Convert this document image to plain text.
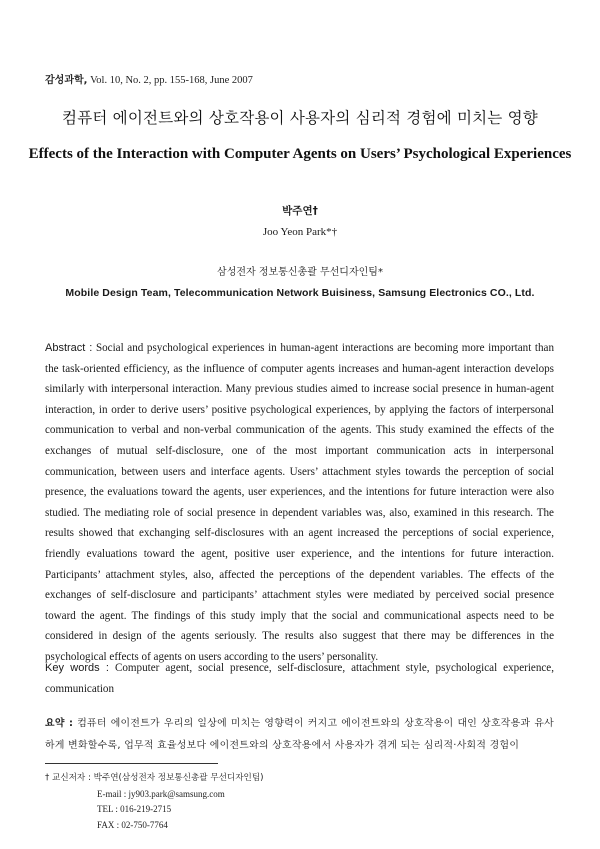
감성과학, Vol. 10, No. 2, pp. 155-168, June 2007
컴퓨터 에이전트와의 상호작용이 사용자의 심리적 경험에 미치는 영향
Effects of the Interaction with Computer Agents on Users’ Psychological Experiences
박주연†
Joo Yeon Park*†
삼성전자 정보통신총괄 무선디자인팀*
Mobile Design Team, Telecommunication Network Buisiness, Samsung Electronics CO., Ltd.
Abstract : Social and psychological experiences in human-agent interactions are becoming more important than the task-oriented efficiency, as the influence of computer agents increases and human-agent interaction develops similarly with interpersonal interaction. Many previous studies aimed to increase social presence in human-agent interaction, in order to derive users’ positive psychological experiences, by applying the factors of interpersonal communication to verbal and non-verbal communication of the agents. This study examined the effects of the exchanges of mutual self-disclosure, one of the most important communication acts in interpersonal communication, between users and interface agents. Users’ attachment styles towards the perception of social presence, the evaluations toward the agents, user experiences, and the intentions for future interaction were also studied. The mediating role of social presence in dependent variables was, also, examined in this research. The results showed that exchanging self-disclosures with an agent increased the perceptions of social experience, friendly evaluations toward the agent, positive user experience, and the intentions for future interaction. Participants’ attachment styles, also, affected the perceptions of the dependent variables. The effects of the exchanges of self-disclosure and participants’ attachment styles were mediated by perceived social presence toward the agent. The findings of this study imply that the social and communicational aspects need to be considered in design of the agents seriously. The results also suggest that there may be differences in the psychological effects of agents on users according to the users’ personality.
Key words : Computer agent, social presence, self-disclosure, attachment style, psychological experience, communication
요약 : 컴퓨터 에이전트가 우리의 일상에 미치는 영향력이 커지고 에이전트와의 상호작용이 대인 상호작용과 유사하게 변화할수록, 업무적 효율성보다 에이전트와의 상호작용에서 사용자가 겪게 되는 심리적·사회적 경험이
† 교신저자 : 박주연(삼성전자 정보통신총괄 무선디자인팀)
E-mail : jy903.park@samsung.com
TEL : 016-219-2715
FAX : 02-750-7764
